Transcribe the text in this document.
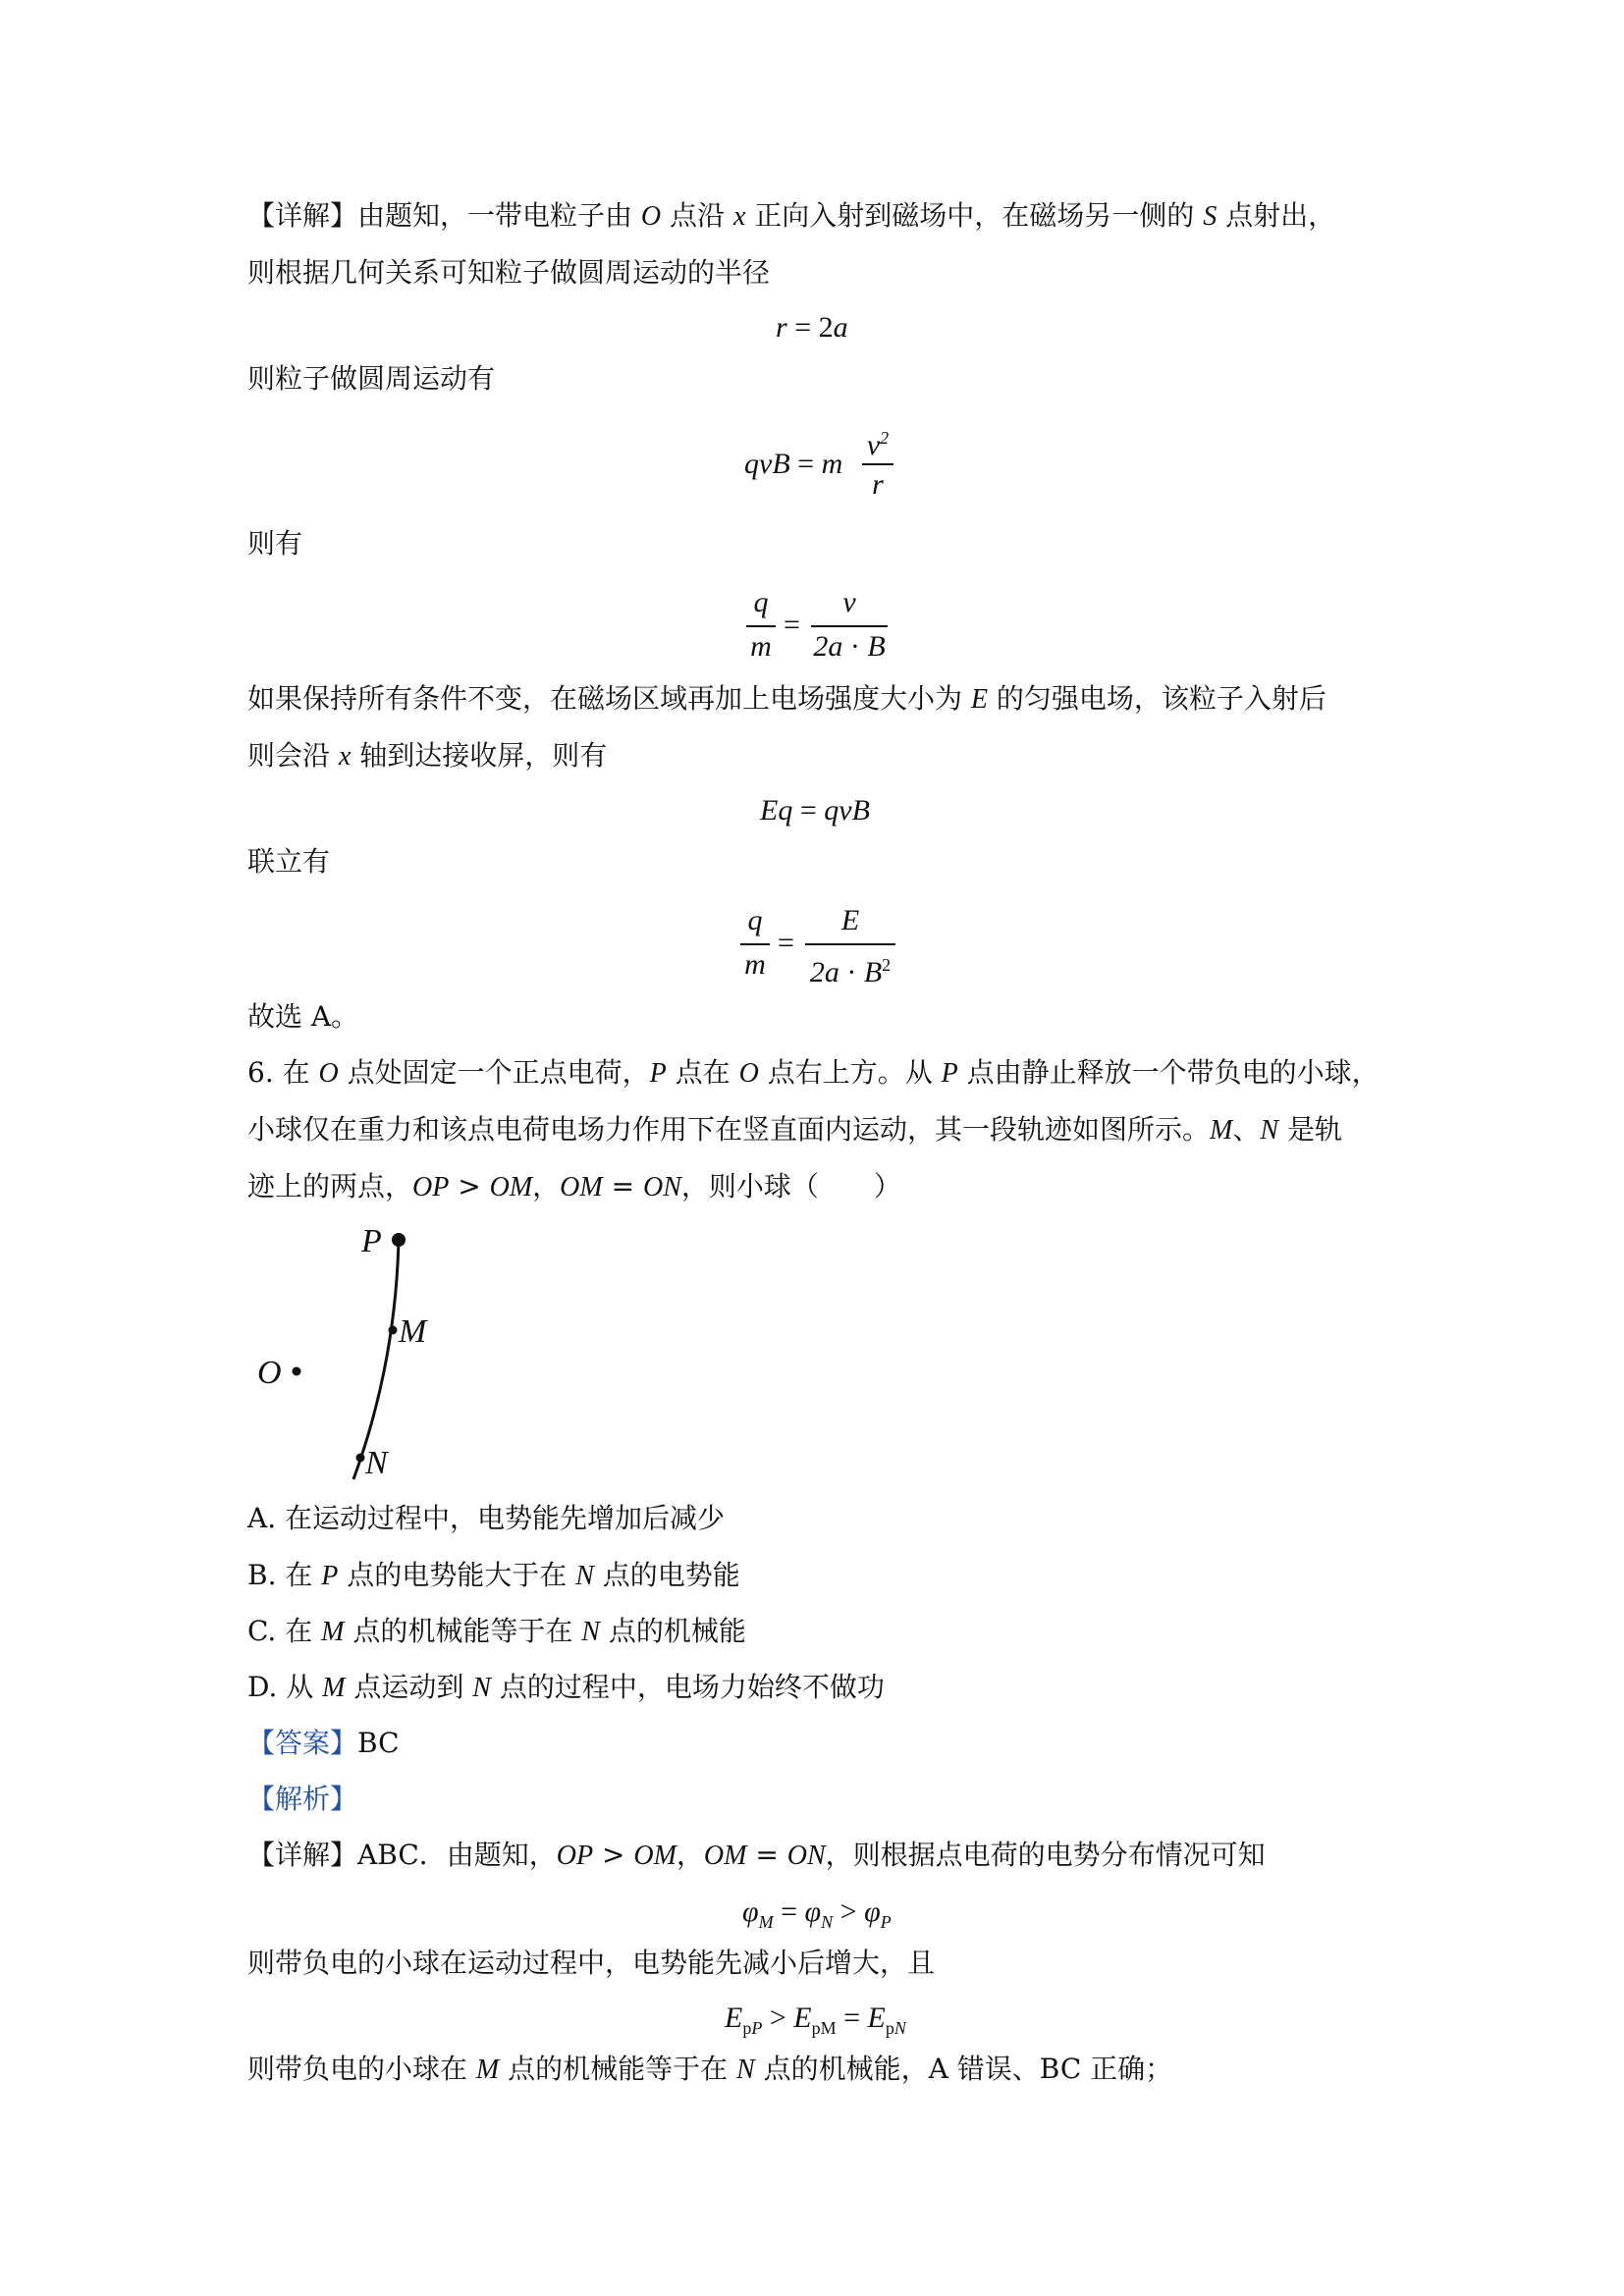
【详解】由题知，一带电粒子由 O 点沿 x 正向入射到磁场中，在磁场另一侧的 S 点射出，
则根据几何关系可知粒子做圆周运动的半径
r = 2a
则粒子做圆周运动有
qvB = m
$v^2$
r
则有
q
m
=
v
2a · B
如果保持所有条件不变，在磁场区域再加上电场强度大小为 E 的匀强电场，该粒子入射后
则会沿 x 轴到达接收屏，则有
Eq = qvB
联立有
q
m
=
E
$2a \cdot B^2$
故选 A。
6. 在 O 点处固定一个正点电荷，P 点在 O 点右上方。从 P 点由静止释放一个带负电的小球，
小球仅在重力和该点电荷电场力作用下在竖直面内运动，其一段轨迹如图所示。M、N 是轨
迹上的两点，OP > OM，OM = ON，则小球（　　）
P
M
O
N
A. 在运动过程中，电势能先增加后减少
B. 在 P 点的电势能大于在 N 点的电势能
C. 在 M 点的机械能等于在 N 点的机械能
D. 从 M 点运动到 N 点的过程中，电场力始终不做功
【答案】BC
【解析】
【详解】ABC．由题知，OP > OM，OM = ON，则根据点电荷的电势分布情况可知
$\varphi_M = \varphi_N > \varphi_P$
则带负电的小球在运动过程中，电势能先减小后增大，且
$E_{pP} > E_{pM} = E_{pN}$
则带负电的小球在 M 点的机械能等于在 N 点的机械能，A 错误、BC 正确；
